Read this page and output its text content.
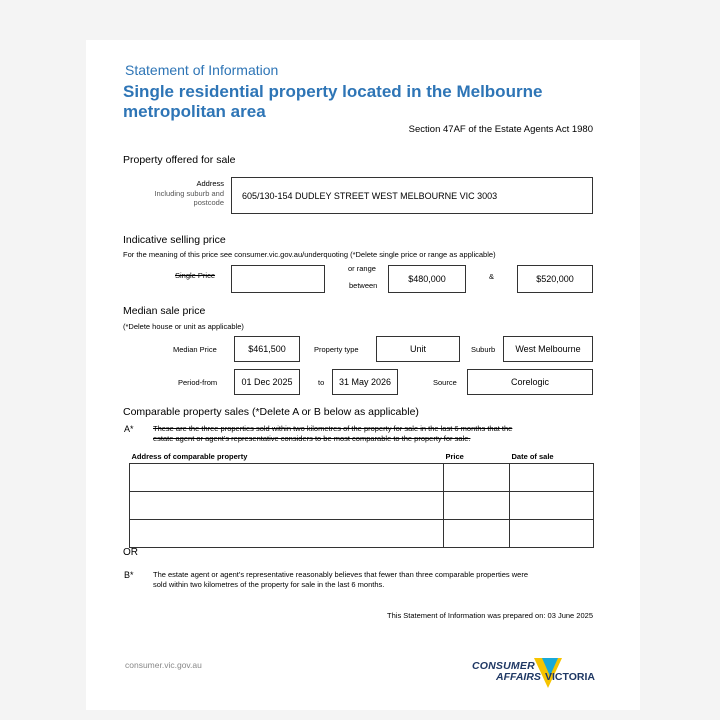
Statement of Information
Single residential property located in the Melbourne
metropolitan area
Section 47AF of the Estate Agents Act 1980
Property offered for sale
Address
Including suburb and
postcode
605/130-154 DUDLEY STREET WEST MELBOURNE VIC 3003
Indicative selling price
For the meaning of this price see consumer.vic.gov.au/underquoting (*Delete single price or range as applicable)
Single Price
or range
between
$480,000	&	$520,000
Median sale price
(*Delete house or unit as applicable)
Median Price	$461,500	Property type	Unit	Suburb	West Melbourne
Period-from	01 Dec 2025	to	31 May 2026	Source	Corelogic
Comparable property sales (*Delete A or B below as applicable)
A*	These are the three properties sold within two kilometres of the property for sale in the last 6 months that the
estate agent or agent's representative considers to be most comparable to the property for sale.
Address of comparable property	Price	Date of sale

OR
B*	The estate agent or agent's representative reasonably believes that fewer than three comparable properties were
sold within two kilometres of the property for sale in the last 6 months.
This Statement of Information was prepared on: 03 June 2025
consumer.vic.gov.au	CONSUMER
AFFAIRS VICTORIA
